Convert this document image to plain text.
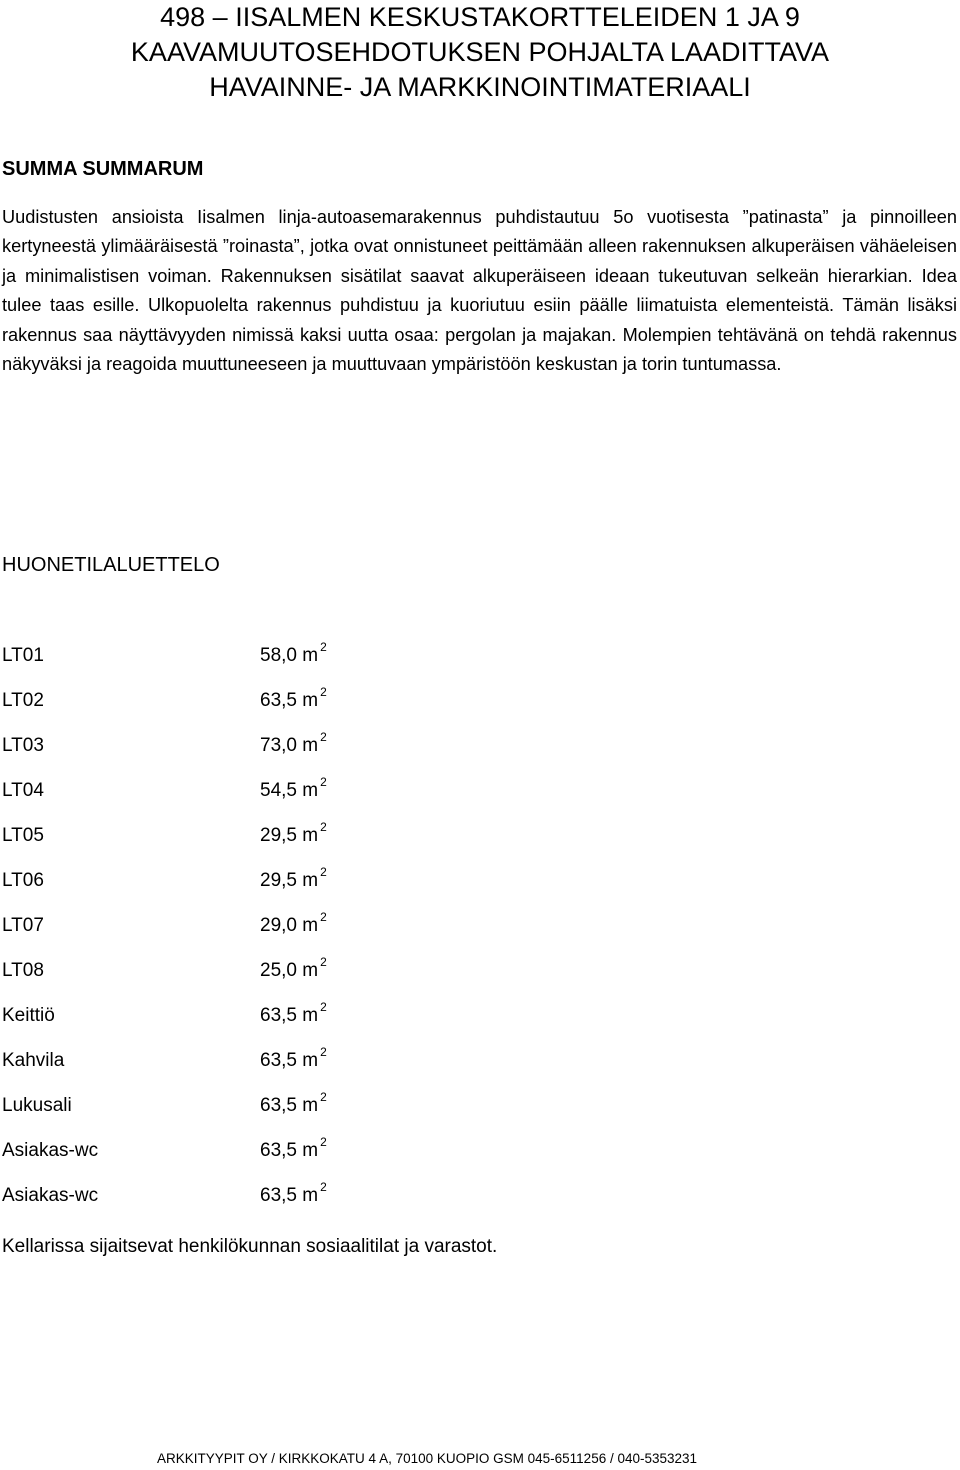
498 – IISALMEN KESKUSTAKORTTELEIDEN 1 JA 9
KAAVAMUUTOSEHDOTUKSEN POHJALTA LAADITTAVA
HAVAINNE- JA MARKKINOINTIMATERIAALI
SUMMA SUMMARUM

Uudistusten ansioista Iisalmen linja-autoasemarakennus puhdistautuu 5o vuotisesta ”patinasta” ja pinnoilleen kertyneestä ylimääräisestä ”roinasta”, jotka ovat onnistuneet peittämään alleen rakennuksen alkuperäisen vähäeleisen ja minimalistisen voiman. Rakennuksen sisätilat saavat alkuperäiseen ideaan tukeutuvan selkeän hierarkian. Idea tulee taas esille. Ulkopuolelta rakennus puhdistuu ja kuoriutuu esiin päälle liimatuista elementeistä. Tämän lisäksi rakennus saa näyttävyyden nimissä kaksi uutta osaa: pergolan ja majakan. Molempien tehtävänä on tehdä rakennus näkyväksi ja reagoida muuttuneeseen ja muuttuvaan ympäristöön keskustan ja torin tuntumassa.

HUONETILALUETTELO
LT01	58,0 m $^2$
LT02	63,5 m $^2$
LT03	73,0 m $^2$
LT04	54,5 m $^2$
LT05	29,5 m $^2$
LT06	29,5 m $^2$
LT07	29,0 m $^2$
LT08	25,0 m $^2$
Keittiö	63,5 m $^2$
Kahvila	63,5 m $^2$
Lukusali	63,5 m $^2$
Asiakas-wc	63,5 m $^2$
Asiakas-wc	63,5 m $^2$

Kellarissa sijaitsevat henkilökunnan sosiaalitilat ja varastot.

ARKKITYYPIT OY / KIRKKOKATU 4 A, 70100 KUOPIO GSM 045-6511256 / 040-5353231
